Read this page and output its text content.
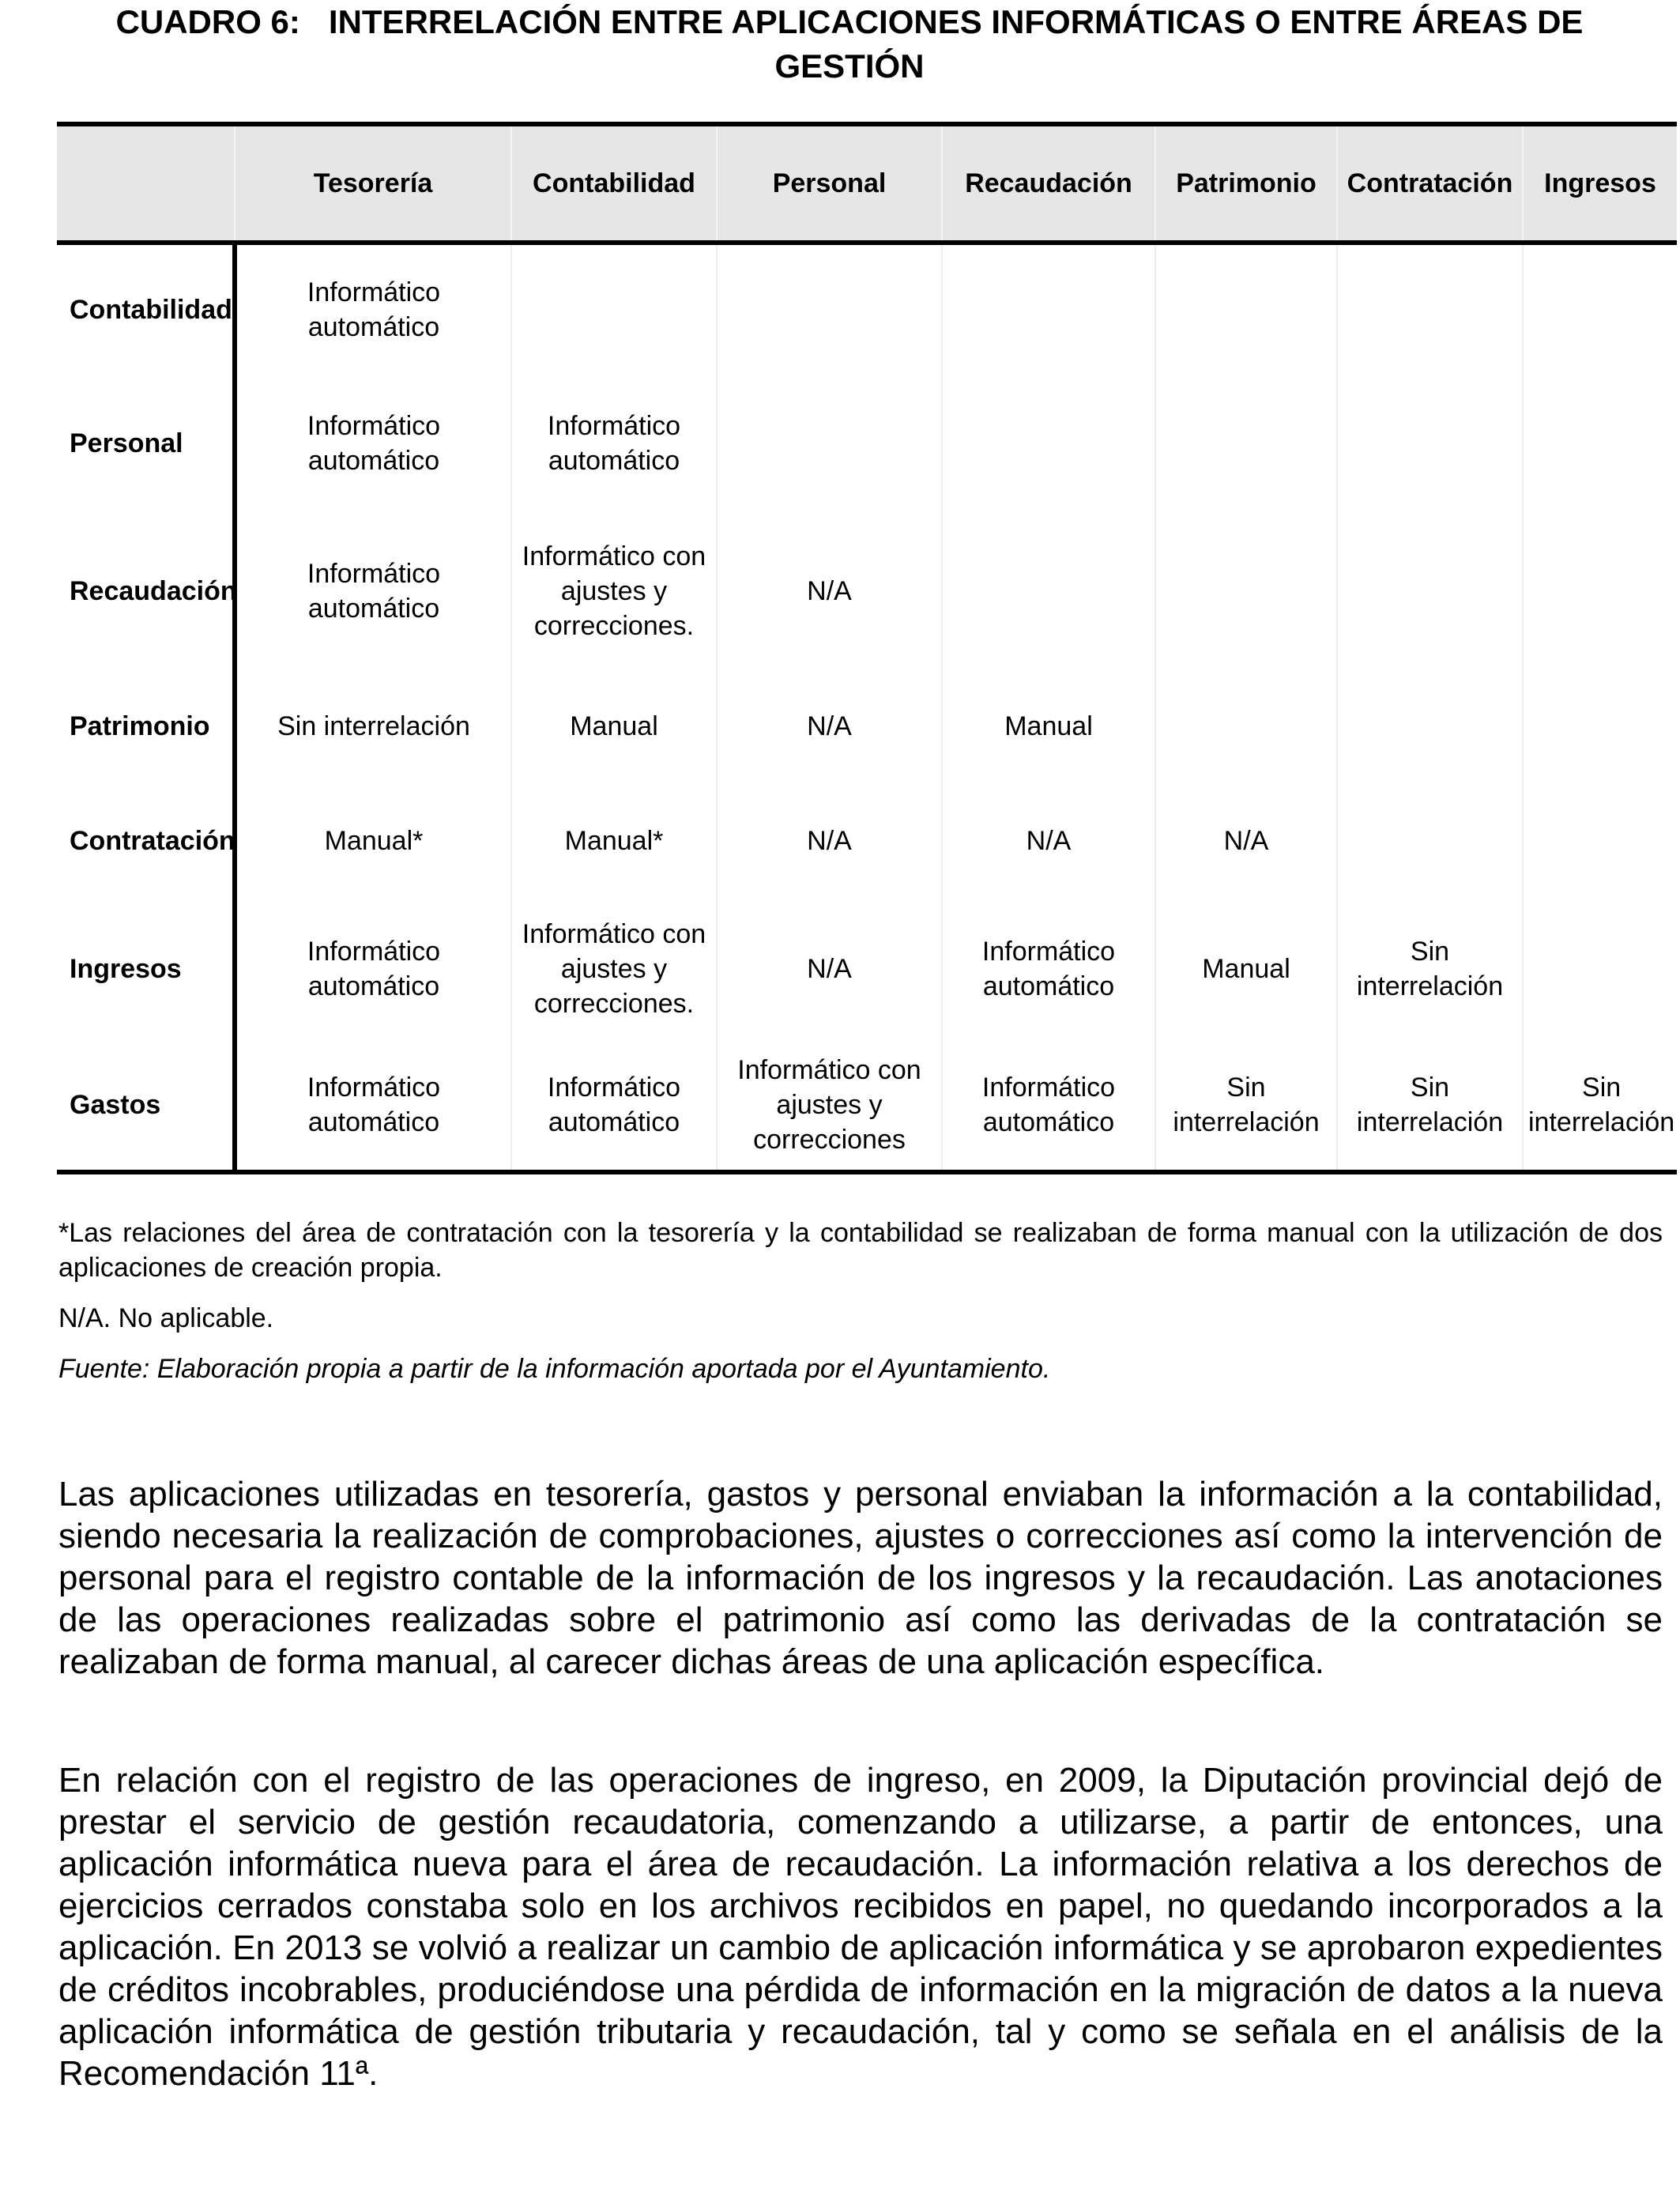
CUADRO 6: INTERRELACIÓN ENTRE APLICACIONES INFORMÁTICAS O ENTRE ÁREAS DE GESTIÓN
	Tesorería	Contabilidad	Personal	Recaudación	Patrimonio	Contratación	Ingresos
Contabilidad	Informático automático						
Personal	Informático automático	Informático automático					
Recaudación	Informático automático	Informático con ajustes y correcciones.	N/A				
Patrimonio	Sin interrelación	Manual	N/A	Manual			
Contratación	Manual*	Manual*	N/A	N/A	N/A		
Ingresos	Informático automático	Informático con ajustes y correcciones.	N/A	Informático automático	Manual	Sin interrelación	
Gastos	Informático automático	Informático automático	Informático con ajustes y correcciones	Informático automático	Sin interrelación	Sin interrelación	Sin interrelación

*Las relaciones del área de contratación con la tesorería y la contabilidad se realizaban de forma manual con la utilización de dos aplicaciones de creación propia.

N/A. No aplicable.

Fuente: Elaboración propia a partir de la información aportada por el Ayuntamiento.

Las aplicaciones utilizadas en tesorería, gastos y personal enviaban la información a la contabilidad, siendo necesaria la realización de comprobaciones, ajustes o correcciones así como la intervención de personal para el registro contable de la información de los ingresos y la recaudación. Las anotaciones de las operaciones realizadas sobre el patrimonio así como las derivadas de la contratación se realizaban de forma manual, al carecer dichas áreas de una aplicación específica.

En relación con el registro de las operaciones de ingreso, en 2009, la Diputación provincial dejó de prestar el servicio de gestión recaudatoria, comenzando a utilizarse, a partir de entonces, una aplicación informática nueva para el área de recaudación. La información relativa a los derechos de ejercicios cerrados constaba solo en los archivos recibidos en papel, no quedando incorporados a la aplicación. En 2013 se volvió a realizar un cambio de aplicación informática y se aprobaron expedientes de créditos incobrables, produciéndose una pérdida de información en la migración de datos a la nueva aplicación informática de gestión tributaria y recaudación, tal y como se señala en el análisis de la Recomendación 11ª.
